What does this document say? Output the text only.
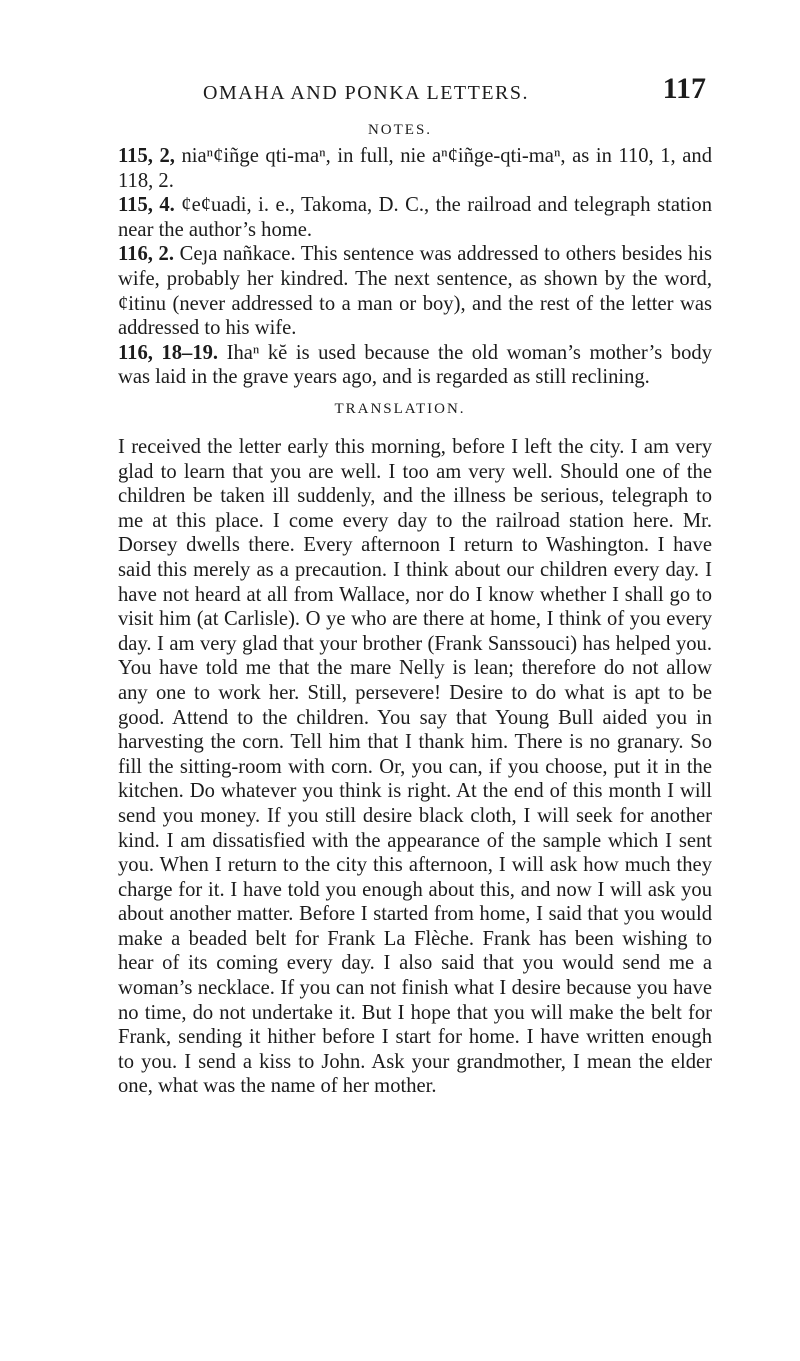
OMAHA AND PONKA LETTERS.	117
NOTES.

115, 2, niaⁿ¢iñge qti-maⁿ, in full, nie aⁿ¢iñge-qti-maⁿ, as in 110, 1, and 118, 2.

115, 4. ¢e¢uadi, i. e., Takoma, D. C., the railroad and telegraph station near the author’s home.

116, 2. Ceȷa nañkace. This sentence was addressed to others besides his wife, probably her kindred. The next sentence, as shown by the word, ¢itinu (never addressed to a man or boy), and the rest of the letter was addressed to his wife.

116, 18–19. Ihaⁿ kĕ is used because the old woman’s mother’s body was laid in the grave years ago, and is regarded as still reclining.

TRANSLATION.

I received the letter early this morning, before I left the city. I am very glad to learn that you are well. I too am very well. Should one of the children be taken ill suddenly, and the illness be serious, telegraph to me at this place. I come every day to the railroad station here. Mr. Dorsey dwells there. Every afternoon I return to Washington. I have said this merely as a precaution. I think about our children every day. I have not heard at all from Wallace, nor do I know whether I shall go to visit him (at Carlisle). O ye who are there at home, I think of you every day. I am very glad that your brother (Frank Sanssouci) has helped you. You have told me that the mare Nelly is lean; therefore do not allow any one to work her. Still, persevere! Desire to do what is apt to be good. Attend to the children. You say that Young Bull aided you in harvesting the corn. Tell him that I thank him. There is no granary. So fill the sitting-room with corn. Or, you can, if you choose, put it in the kitchen. Do whatever you think is right. At the end of this month I will send you money. If you still desire black cloth, I will seek for another kind. I am dissatisfied with the appearance of the sample which I sent you. When I return to the city this afternoon, I will ask how much they charge for it. I have told you enough about this, and now I will ask you about another matter. Before I started from home, I said that you would make a beaded belt for Frank La Flèche. Frank has been wishing to hear of its coming every day. I also said that you would send me a woman’s necklace. If you can not finish what I desire because you have no time, do not undertake it. But I hope that you will make the belt for Frank, sending it hither before I start for home. I have written enough to you. I send a kiss to John. Ask your grandmother, I mean the elder one, what was the name of her mother.
